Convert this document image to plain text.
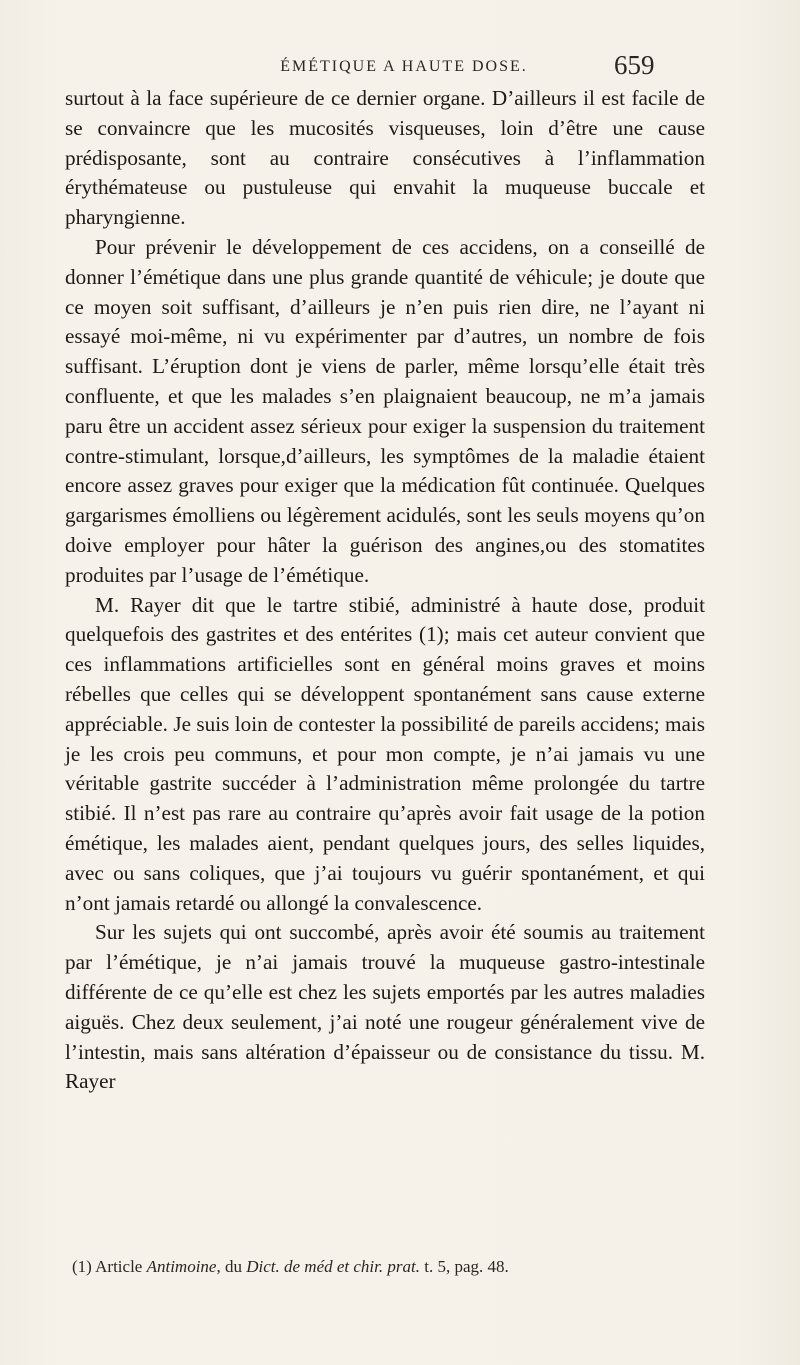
ÉMÉTIQUE A HAUTE DOSE.	659

surtout à la face supérieure de ce dernier organe. D’ailleurs il est facile de se convaincre que les mucosités visqueuses, loin d’être une cause prédisposante, sont au contraire consécutives à l’inflammation érythémateuse ou pustuleuse qui envahit la muqueuse buccale et pharyngienne.

Pour prévenir le développement de ces accidens, on a conseillé de donner l’émétique dans une plus grande quantité de véhicule; je doute que ce moyen soit suffisant, d’ailleurs je n’en puis rien dire, ne l’ayant ni essayé moi-même, ni vu expérimenter par d’autres, un nombre de fois suffisant. L’éruption dont je viens de parler, même lorsqu’elle était très confluente, et que les malades s’en plaignaient beaucoup, ne m’a jamais paru être un accident assez sérieux pour exiger la suspension du traitement contre-stimulant, lorsque,d’ailleurs, les symptômes de la maladie étaient encore assez graves pour exiger que la médication fût continuée. Quelques gargarismes émolliens ou légèrement acidulés, sont les seuls moyens qu’on doive employer pour hâter la guérison des angines,ou des stomatites produites par l’usage de l’émétique.

M. Rayer dit que le tartre stibié, administré à haute dose, produit quelquefois des gastrites et des entérites (1); mais cet auteur convient que ces inflammations artificielles sont en général moins graves et moins rébelles que celles qui se développent spontanément sans cause externe appréciable. Je suis loin de contester la possibilité de pareils accidens; mais je les crois peu communs, et pour mon compte, je n’ai jamais vu une véritable gastrite succéder à l’administration même prolongée du tartre stibié. Il n’est pas rare au contraire qu’après avoir fait usage de la potion émétique, les malades aient, pendant quelques jours, des selles liquides, avec ou sans coliques, que j’ai toujours vu guérir spontanément, et qui n’ont jamais retardé ou allongé la convalescence.

Sur les sujets qui ont succombé, après avoir été soumis au traitement par l’émétique, je n’ai jamais trouvé la muqueuse gastro-intestinale différente de ce qu’elle est chez les sujets emportés par les autres maladies aiguës. Chez deux seulement, j’ai noté une rougeur généralement vive de l’intestin, mais sans altération d’épaisseur ou de consistance du tissu. M. Rayer

(1) Article Antimoine, du Dict. de méd et chir. prat. t. 5, pag. 48.
